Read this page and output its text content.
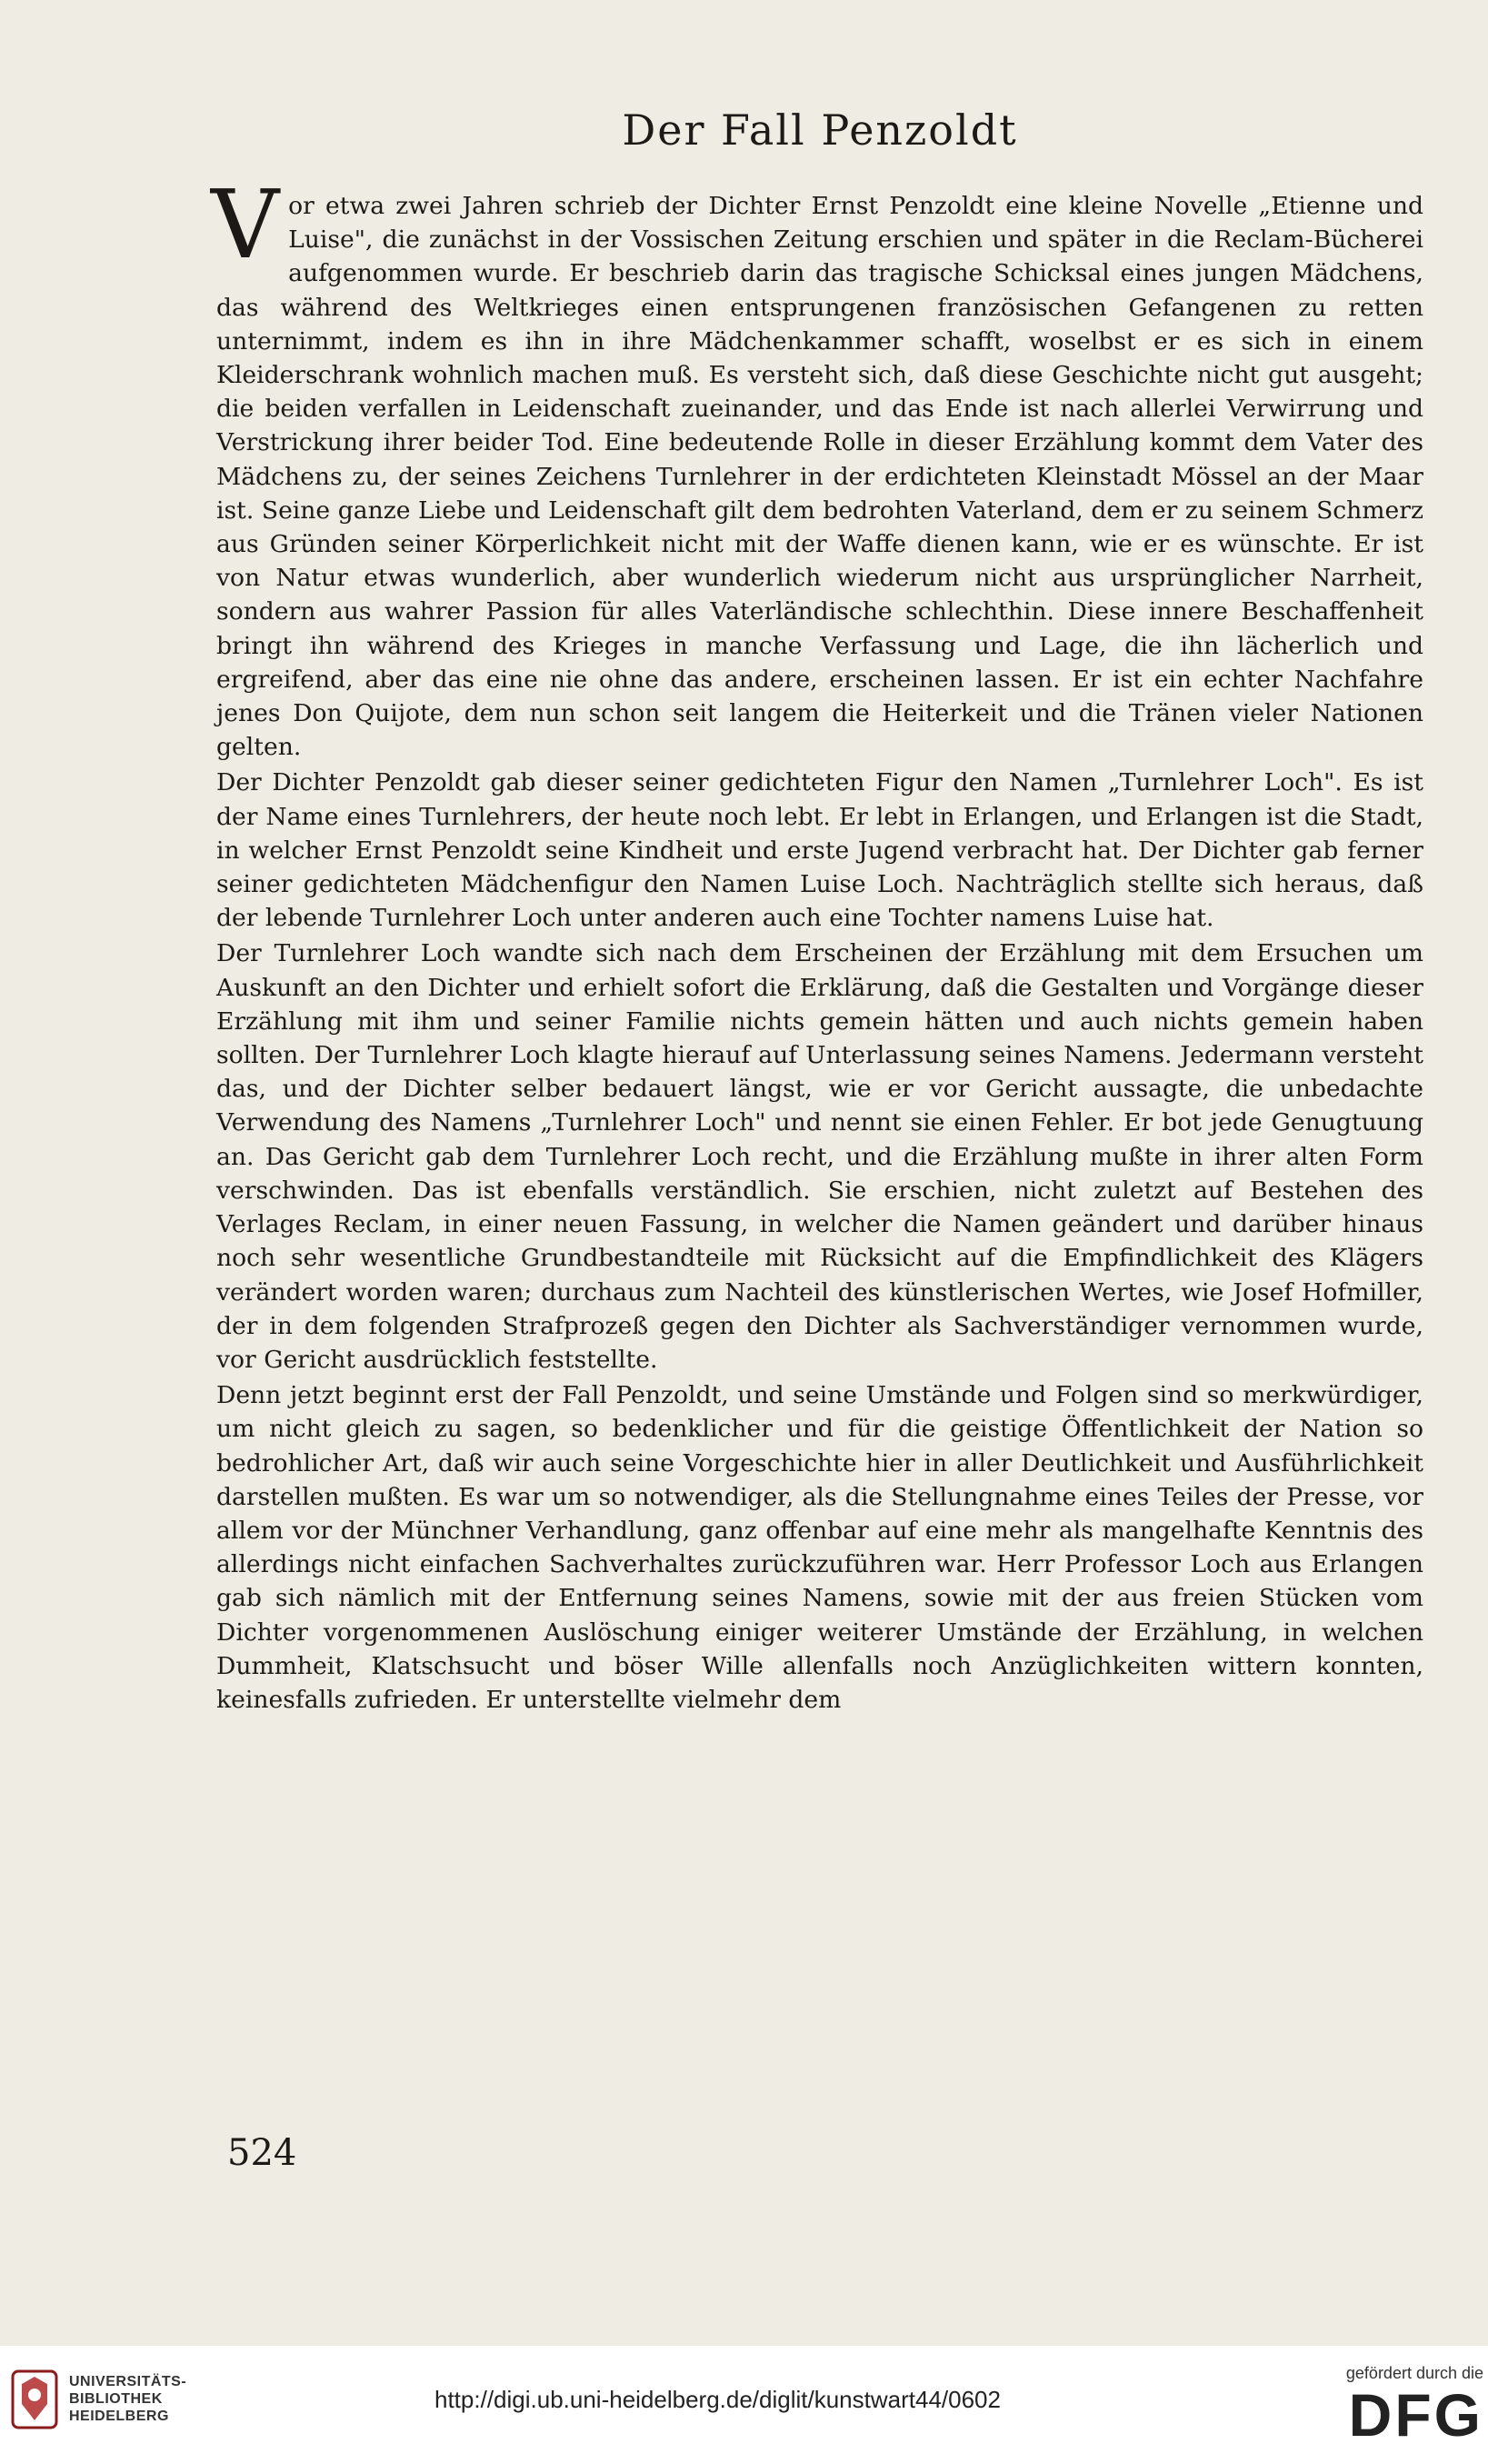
Der Fall Penzoldt

Vor etwa zwei Jahren schrieb der Dichter Ernst Penzoldt eine kleine Novelle „Etienne und Luise", die zunächst in der Vossischen Zeitung erschien und später in die Reclam-Bücherei aufgenommen wurde. Er beschrieb darin das tragische Schicksal eines jungen Mädchens, das während des Weltkrieges einen entsprungenen französischen Gefangenen zu retten unternimmt, indem es ihn in ihre Mädchenkammer schafft, woselbst er es sich in einem Kleiderschrank wohnlich machen muß. Es versteht sich, daß diese Geschichte nicht gut ausgeht; die beiden verfallen in Leidenschaft zueinander, und das Ende ist nach allerlei Verwirrung und Verstrickung ihrer beider Tod. Eine bedeutende Rolle in dieser Erzählung kommt dem Vater des Mädchens zu, der seines Zeichens Turnlehrer in der erdichteten Kleinstadt Mössel an der Maar ist. Seine ganze Liebe und Leidenschaft gilt dem bedrohten Vaterland, dem er zu seinem Schmerz aus Gründen seiner Körperlichkeit nicht mit der Waffe dienen kann, wie er es wünschte. Er ist von Natur etwas wunderlich, aber wunderlich wiederum nicht aus ursprünglicher Narrheit, sondern aus wahrer Passion für alles Vaterländische schlechthin. Diese innere Beschaffenheit bringt ihn während des Krieges in manche Verfassung und Lage, die ihn lächerlich und ergreifend, aber das eine nie ohne das andere, erscheinen lassen. Er ist ein echter Nachfahre jenes Don Quijote, dem nun schon seit langem die Heiterkeit und die Tränen vieler Nationen gelten.

Der Dichter Penzoldt gab dieser seiner gedichteten Figur den Namen „Turnlehrer Loch". Es ist der Name eines Turnlehrers, der heute noch lebt. Er lebt in Erlangen, und Erlangen ist die Stadt, in welcher Ernst Penzoldt seine Kindheit und erste Jugend verbracht hat. Der Dichter gab ferner seiner gedichteten Mädchenfigur den Namen Luise Loch. Nachträglich stellte sich heraus, daß der lebende Turnlehrer Loch unter anderen auch eine Tochter namens Luise hat.

Der Turnlehrer Loch wandte sich nach dem Erscheinen der Erzählung mit dem Ersuchen um Auskunft an den Dichter und erhielt sofort die Erklärung, daß die Gestalten und Vorgänge dieser Erzählung mit ihm und seiner Familie nichts gemein hätten und auch nichts gemein haben sollten. Der Turnlehrer Loch klagte hierauf auf Unterlassung seines Namens. Jedermann versteht das, und der Dichter selber bedauert längst, wie er vor Gericht aussagte, die unbedachte Verwendung des Namens „Turnlehrer Loch" und nennt sie einen Fehler. Er bot jede Genugtuung an. Das Gericht gab dem Turnlehrer Loch recht, und die Erzählung mußte in ihrer alten Form verschwinden. Das ist ebenfalls verständlich. Sie erschien, nicht zuletzt auf Bestehen des Verlages Reclam, in einer neuen Fassung, in welcher die Namen geändert und darüber hinaus noch sehr wesentliche Grundbestandteile mit Rücksicht auf die Empfindlichkeit des Klägers verändert worden waren; durchaus zum Nachteil des künstlerischen Wertes, wie Josef Hofmiller, der in dem folgenden Strafprozeß gegen den Dichter als Sachverständiger vernommen wurde, vor Gericht ausdrücklich feststellte.

Denn jetzt beginnt erst der Fall Penzoldt, und seine Umstände und Folgen sind so merkwürdiger, um nicht gleich zu sagen, so bedenklicher und für die geistige Öffentlichkeit der Nation so bedrohlicher Art, daß wir auch seine Vorgeschichte hier in aller Deutlichkeit und Ausführlichkeit darstellen mußten. Es war um so notwendiger, als die Stellungnahme eines Teiles der Presse, vor allem vor der Münchner Verhandlung, ganz offenbar auf eine mehr als mangelhafte Kenntnis des allerdings nicht einfachen Sachverhaltes zurückzuführen war. Herr Professor Loch aus Erlangen gab sich nämlich mit der Entfernung seines Namens, sowie mit der aus freien Stücken vom Dichter vorgenommenen Auslöschung einiger weiterer Umstände der Erzählung, in welchen Dummheit, Klatschsucht und böser Wille allenfalls noch Anzüglichkeiten wittern konnten, keinesfalls zufrieden. Er unterstellte vielmehr dem

524
UNIVERSITÄTS-
BIBLIOTHEK
HEIDELBERG
http://digi.ub.uni-heidelberg.de/diglit/kunstwart44/0602
gefördert durch die
DFG
